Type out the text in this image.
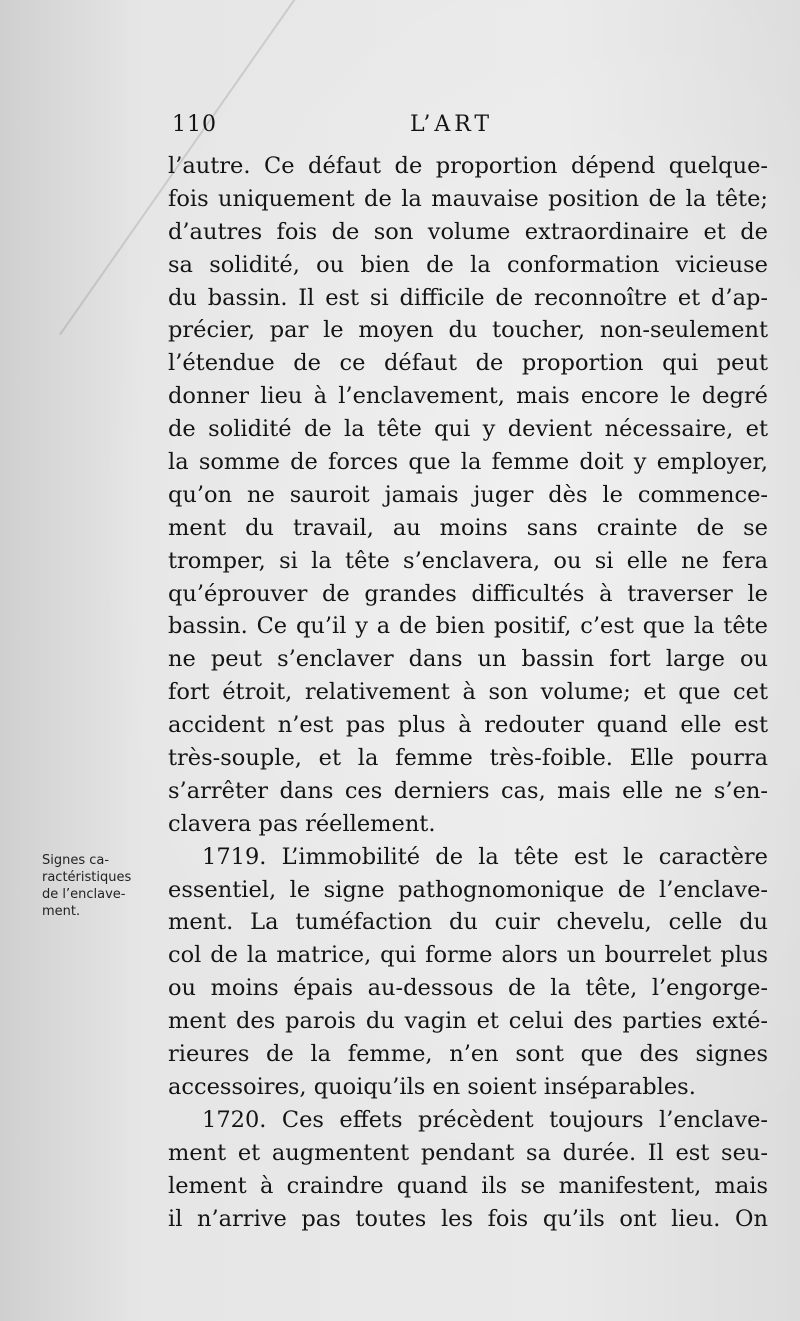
110	L’ART
Signes ca-
ractéristiques
de l’enclave-
ment.
l’autre. Ce défaut de proportion dépend quelque-
fois uniquement de la mauvaise position de la tête;
d’autres fois de son volume extraordinaire et de
sa solidité, ou bien de la conformation vicieuse
du bassin. Il est si difficile de reconnoître et d’ap-
précier, par le moyen du toucher, non-seulement
l’étendue de ce défaut de proportion qui peut
donner lieu à l’enclavement, mais encore le degré
de solidité de la tête qui y devient nécessaire, et
la somme de forces que la femme doit y employer,
qu’on ne sauroit jamais juger dès le commence-
ment du travail, au moins sans crainte de se
tromper, si la tête s’enclavera, ou si elle ne fera
qu’éprouver de grandes difficultés à traverser le
bassin. Ce qu’il y a de bien positif, c’est que la tête
ne peut s’enclaver dans un bassin fort large ou
fort étroit, relativement à son volume; et que cet
accident n’est pas plus à redouter quand elle est
très-souple, et la femme très-foible. Elle pourra
s’arrêter dans ces derniers cas, mais elle ne s’en-
clavera pas réellement.
1719. L’immobilité de la tête est le caractère
essentiel, le signe pathognomonique de l’enclave-
ment. La tuméfaction du cuir chevelu, celle du
col de la matrice, qui forme alors un bourrelet plus
ou moins épais au-dessous de la tête, l’engorge-
ment des parois du vagin et celui des parties exté-
rieures de la femme, n’en sont que des signes
accessoires, quoiqu’ils en soient inséparables.
1720. Ces effets précèdent toujours l’enclave-
ment et augmentent pendant sa durée. Il est seu-
lement à craindre quand ils se manifestent, mais
il n’arrive pas toutes les fois qu’ils ont lieu. On
